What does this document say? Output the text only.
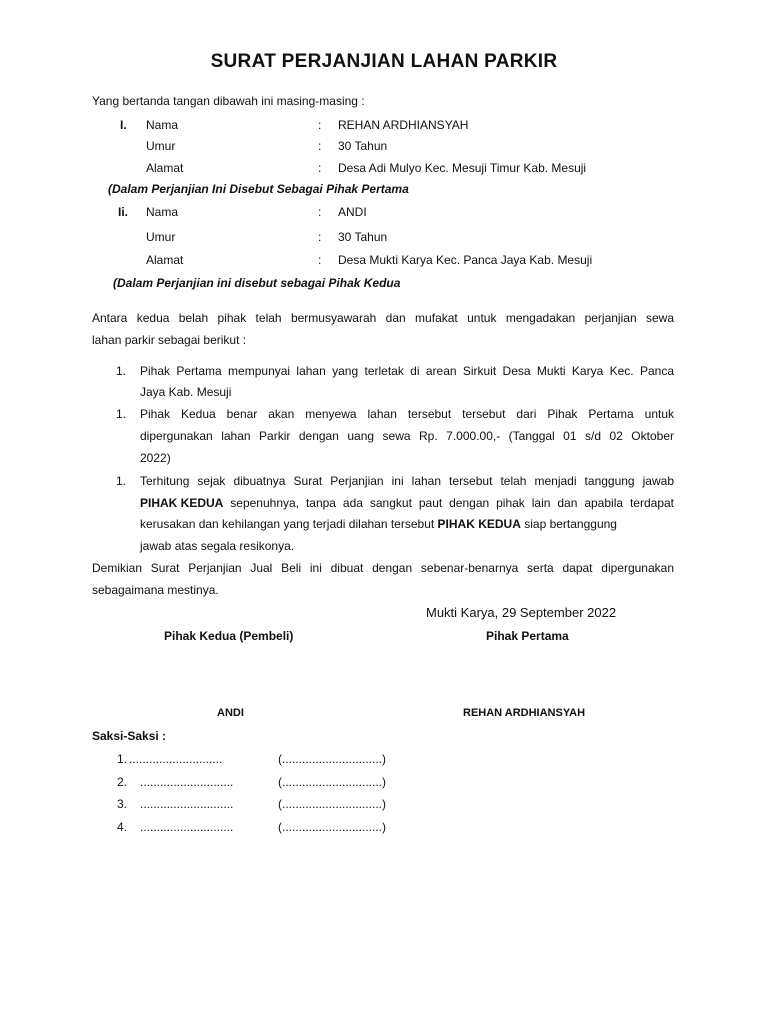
SURAT PERJANJIAN LAHAN PARKIR
Yang bertanda tangan dibawah ini masing-masing :
I. Nama	: REHAN ARDHIANSYAH
Umur	: 30 Tahun
Alamat	: Desa Adi Mulyo Kec. Mesuji Timur Kab. Mesuji
(Dalam Perjanjian Ini Disebut Sebagai Pihak Pertama
Ii. Nama	: ANDI
Umur	: 30 Tahun
Alamat	: Desa Mukti Karya Kec. Panca Jaya Kab. Mesuji
(Dalam Perjanjian ini disebut sebagai Pihak Kedua
Antara kedua belah pihak telah bermusyawarah dan mufakat untuk mengadakan perjanjian sewa
lahan parkir sebagai berikut :
1. Pihak Pertama mempunyai lahan yang terletak di arean Sirkuit Desa Mukti Karya Kec. Panca
Jaya Kab. Mesuji
1. Pihak Kedua benar akan menyewa lahan tersebut tersebut dari Pihak Pertama untuk
dipergunakan lahan Parkir dengan uang sewa Rp. 7.000.00,- (Tanggal 01 s/d 02 Oktober
2022)
1. Terhitung sejak dibuatnya Surat Perjanjian ini lahan tersebut telah menjadi tanggung jawab
PIHAK KEDUA sepenuhnya, tanpa ada sangkut paut dengan pihak lain dan apabila terdapat
kerusakan dan kehilangan yang terjadi dilahan tersebut PIHAK KEDUA siap bertanggung
jawab atas segala resikonya.
Demikian Surat Perjanjian Jual Beli ini dibuat dengan sebenar-benarnya serta dapat dipergunakan
sebagaimana mestinya.
Mukti Karya, 29 September 2022
Pihak Kedua (Pembeli)	Pihak Pertama
ANDI	REHAN ARDHIANSYAH
Saksi-Saksi :
1. ............................	(..............................)
2. ............................	(..............................)
3. ............................	(..............................)
4. ............................	(..............................)
